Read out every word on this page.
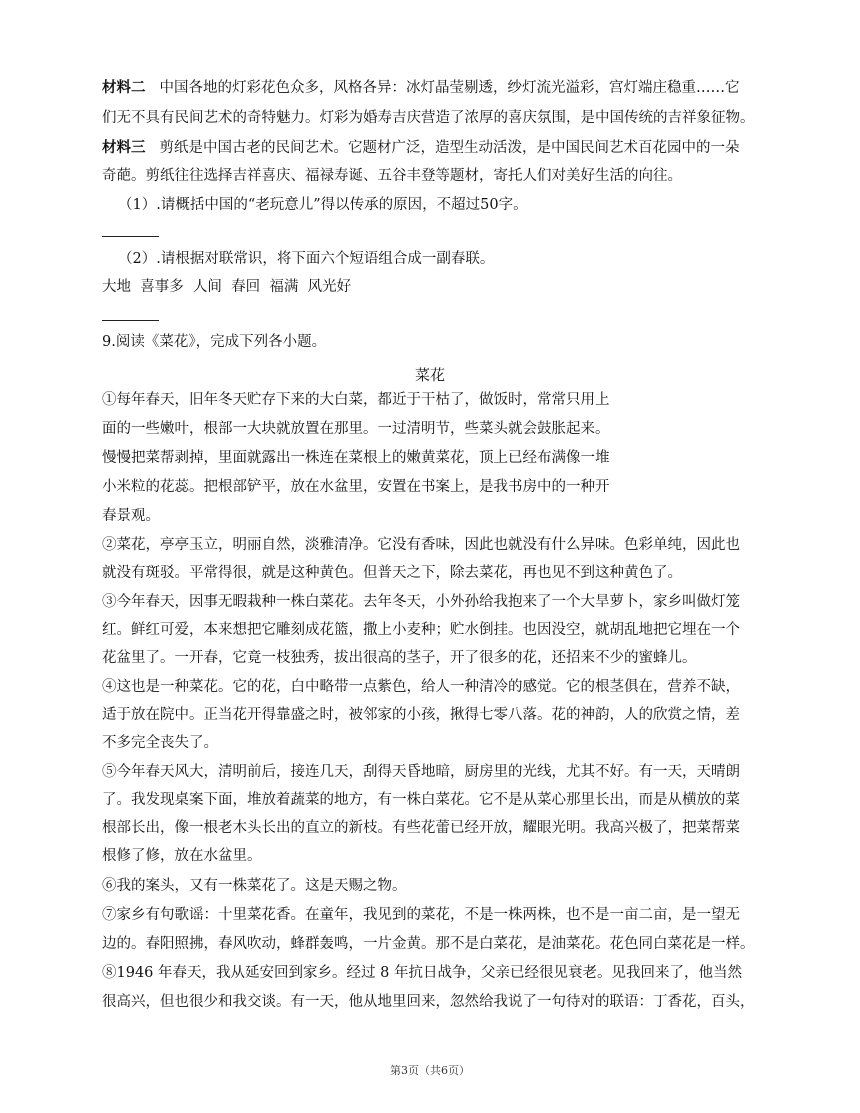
材料二 中国各地的灯彩花色众多，风格各异：冰灯晶莹剔透，纱灯流光溢彩，宫灯端庄稳重……它
们无不具有民间艺术的奇特魅力。灯彩为婚寿吉庆营造了浓厚的喜庆氛围，是中国传统的吉祥象征物。
材料三 剪纸是中国古老的民间艺术。它题材广泛，造型生动活泼，是中国民间艺术百花园中的一朵
奇葩。剪纸往往选择吉祥喜庆、福禄寿诞、五谷丰登等题材，寄托人们对美好生活的向往。
（1）.请概括中国的“老玩意儿”得以传承的原因，不超过50字。
（2）.请根据对联常识，将下面六个短语组合成一副春联。
大地  喜事多  人间  春回  福满  风光好
9.阅读《菜花》，完成下列各小题。
菜花
①每年春天，旧年冬天贮存下来的大白菜，都近于干枯了，做饭时，常常只用上
面的一些嫩叶，根部一大块就放置在那里。一过清明节，些菜头就会鼓胀起来。
慢慢把菜帮剥掉，里面就露出一株连在菜根上的嫩黄菜花，顶上已经布满像一堆
小米粒的花蕊。把根部铲平，放在水盆里，安置在书案上，是我书房中的一种开
春景观。
②菜花，亭亭玉立，明丽自然，淡雅清净。它没有香味，因此也就没有什么异味。色彩单纯，因此也
就没有斑驳。平常得很，就是这种黄色。但普天之下，除去菜花，再也见不到这种黄色了。
③今年春天，因事无暇栽种一株白菜花。去年冬天，小外孙给我抱来了一个大旱萝卜，家乡叫做灯笼
红。鲜红可爱，本来想把它雕刻成花篮，撒上小麦种；贮水倒挂。也因没空，就胡乱地把它埋在一个
花盆里了。一开春，它竟一枝独秀，拔出很高的茎子，开了很多的花，还招来不少的蜜蜂儿。
④这也是一种菜花。它的花，白中略带一点紫色，给人一种清冷的感觉。它的根茎俱在，营养不缺，
适于放在院中。正当花开得靠盛之时，被邻家的小孩，揪得七零八落。花的神韵，人的欣赏之情，差
不多完全丧失了。
⑤今年春天风大，清明前后，接连几天，刮得天昏地暗，厨房里的光线，尤其不好。有一天，天晴朗
了。我发现桌案下面，堆放着蔬菜的地方，有一株白菜花。它不是从菜心那里长出，而是从横放的菜
根部长出，像一根老木头长出的直立的新枝。有些花蕾已经开放，耀眼光明。我高兴极了，把菜帮菜
根修了修，放在水盆里。
⑥我的案头，又有一株菜花了。这是天赐之物。
⑦家乡有句歌谣：十里菜花香。在童年，我见到的菜花，不是一株两株，也不是一亩二亩，是一望无
边的。春阳照拂，春风吹动，蜂群轰鸣，一片金黄。那不是白菜花，是油菜花。花色同白菜花是一样。
⑧1946 年春天，我从延安回到家乡。经过 8 年抗日战争，父亲已经很见衰老。见我回来了，他当然
很高兴，但也很少和我交谈。有一天，他从地里回来，忽然给我说了一句待对的联语：丁香花，百头，
第3页（共6页）
